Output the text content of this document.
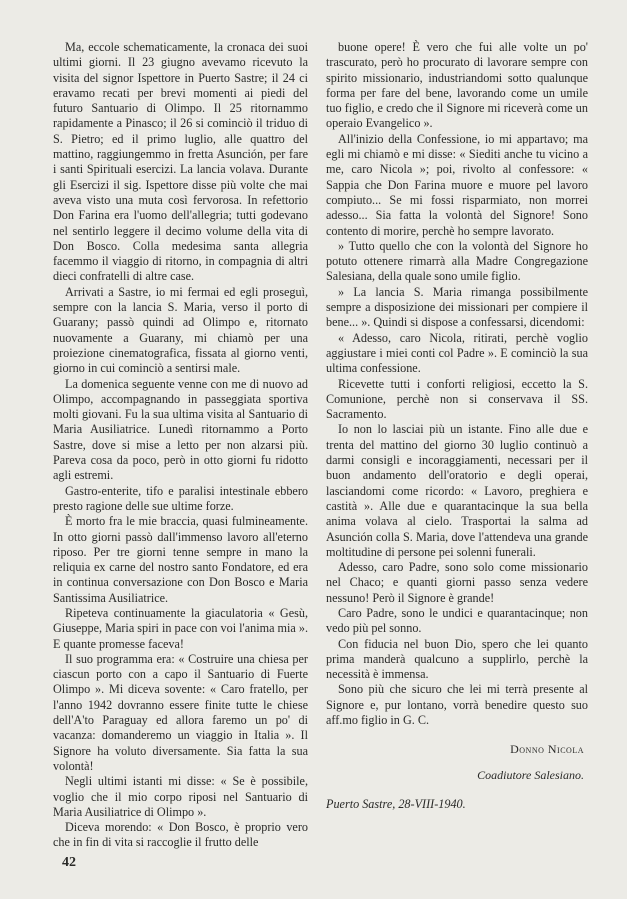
Ma, eccole schematicamente, la cronaca dei suoi ultimi giorni. Il 23 giugno avevamo ricevuto la visita del signor Ispettore in Puerto Sastre; il 24 ci eravamo recati per brevi momenti ai piedi del futuro Santuario di Olimpo. Il 25 ritornammo rapidamente a Pinasco; il 26 si cominciò il triduo di S. Pietro; ed il primo luglio, alle quattro del mattino, raggiungemmo in fretta Asunción, per fare i santi Spirituali esercizi. La lancia volava. Durante gli Esercizi il sig. Ispettore disse più volte che mai aveva visto una muta così fervorosa. In refettorio Don Farina era l'uomo dell'allegria; tutti godevano nel sentirlo leggere il decimo volume della vita di Don Bosco. Colla medesima santa allegria facemmo il viaggio di ritorno, in compagnia di altri dieci confratelli di altre case.

Arrivati a Sastre, io mi fermai ed egli proseguì, sempre con la lancia S. Maria, verso il porto di Guarany; passò quindi ad Olimpo e, ritornato nuovamente a Guarany, mi chiamò per una proiezione cinematografica, fissata al giorno venti, giorno in cui cominciò a sentirsi male.

La domenica seguente venne con me di nuovo ad Olimpo, accompagnando in passeggiata sportiva molti giovani. Fu la sua ultima visita al Santuario di Maria Ausiliatrice. Lunedì ritornammo a Porto Sastre, dove si mise a letto per non alzarsi più. Pareva cosa da poco, però in otto giorni fu ridotto agli estremi.

Gastro-enterite, tifo e paralisi intestinale ebbero presto ragione delle sue ultime forze.

È morto fra le mie braccia, quasi fulmineamente. In otto giorni passò dall'immenso lavoro all'eterno riposo. Per tre giorni tenne sempre in mano la reliquia ex carne del nostro santo Fondatore, ed era in continua conversazione con Don Bosco e Maria Santissima Ausiliatrice.

Ripeteva continuamente la giaculatoria « Gesù, Giuseppe, Maria spiri in pace con voi l'anima mia ». E quante promesse faceva!

Il suo programma era: « Costruire una chiesa per ciascun porto con a capo il Santuario di Fuerte Olimpo ». Mi diceva sovente: « Caro fratello, per l'anno 1942 dovranno essere finite tutte le chiese dell'A'to Paraguay ed allora faremo un po' di vacanza: domanderemo un viaggio in Italia ». Il Signore ha voluto diversamente. Sia fatta la sua volontà!

Negli ultimi istanti mi disse: « Se è possibile, voglio che il mio corpo riposi nel Santuario di Maria Ausiliatrice di Olimpo ».

Diceva morendo: « Don Bosco, è proprio vero che in fin di vita si raccoglie il frutto delle

buone opere! È vero che fui alle volte un po' trascurato, però ho procurato di lavorare sempre con spirito missionario, industriandomi sotto qualunque forma per fare del bene, lavorando come un umile tuo figlio, e credo che il Signore mi riceverà come un operaio Evangelico ».

All'inizio della Confessione, io mi appartavo; ma egli mi chiamò e mi disse: « Siediti anche tu vicino a me, caro Nicola »; poi, rivolto al confessore: « Sappia che Don Farina muore e muore pel lavoro compiuto... Se mi fossi risparmiato, non morrei adesso... Sia fatta la volontà del Signore! Sono contento di morire, perchè ho sempre lavorato.

» Tutto quello che con la volontà del Signore ho potuto ottenere rimarrà alla Madre Congregazione Salesiana, della quale sono umile figlio.

» La lancia S. Maria rimanga possibilmente sempre a disposizione dei missionari per compiere il bene... ». Quindi si dispose a confessarsi, dicendomi:

« Adesso, caro Nicola, ritirati, perchè voglio aggiustare i miei conti col Padre ». E cominciò la sua ultima confessione.

Ricevette tutti i conforti religiosi, eccetto la S. Comunione, perchè non si conservava il SS. Sacramento.

Io non lo lasciai più un istante. Fino alle due e trenta del mattino del giorno 30 luglio continuò a darmi consigli e incoraggiamenti, necessari per il buon andamento dell'oratorio e degli operai, lasciandomi come ricordo: « Lavoro, preghiera e castità ». Alle due e quarantacinque la sua bella anima volava al cielo. Trasportai la salma ad Asunción colla S. Maria, dove l'attendeva una grande moltitudine di persone pei solenni funerali.

Adesso, caro Padre, sono solo come missionario nel Chaco; e quanti giorni passo senza vedere nessuno! Però il Signore è grande!

Caro Padre, sono le undici e quarantacinque; non vedo più pel sonno.

Con fiducia nel buon Dio, spero che lei quanto prima manderà qualcuno a supplirlo, perchè la necessità è immensa.

Sono più che sicuro che lei mi terrà presente al Signore e, pur lontano, vorrà benedire questo suo aff.mo figlio in G. C.

Donno Nicola
Coadiutore Salesiano.
Puerto Sastre, 28-VIII-1940.
42
